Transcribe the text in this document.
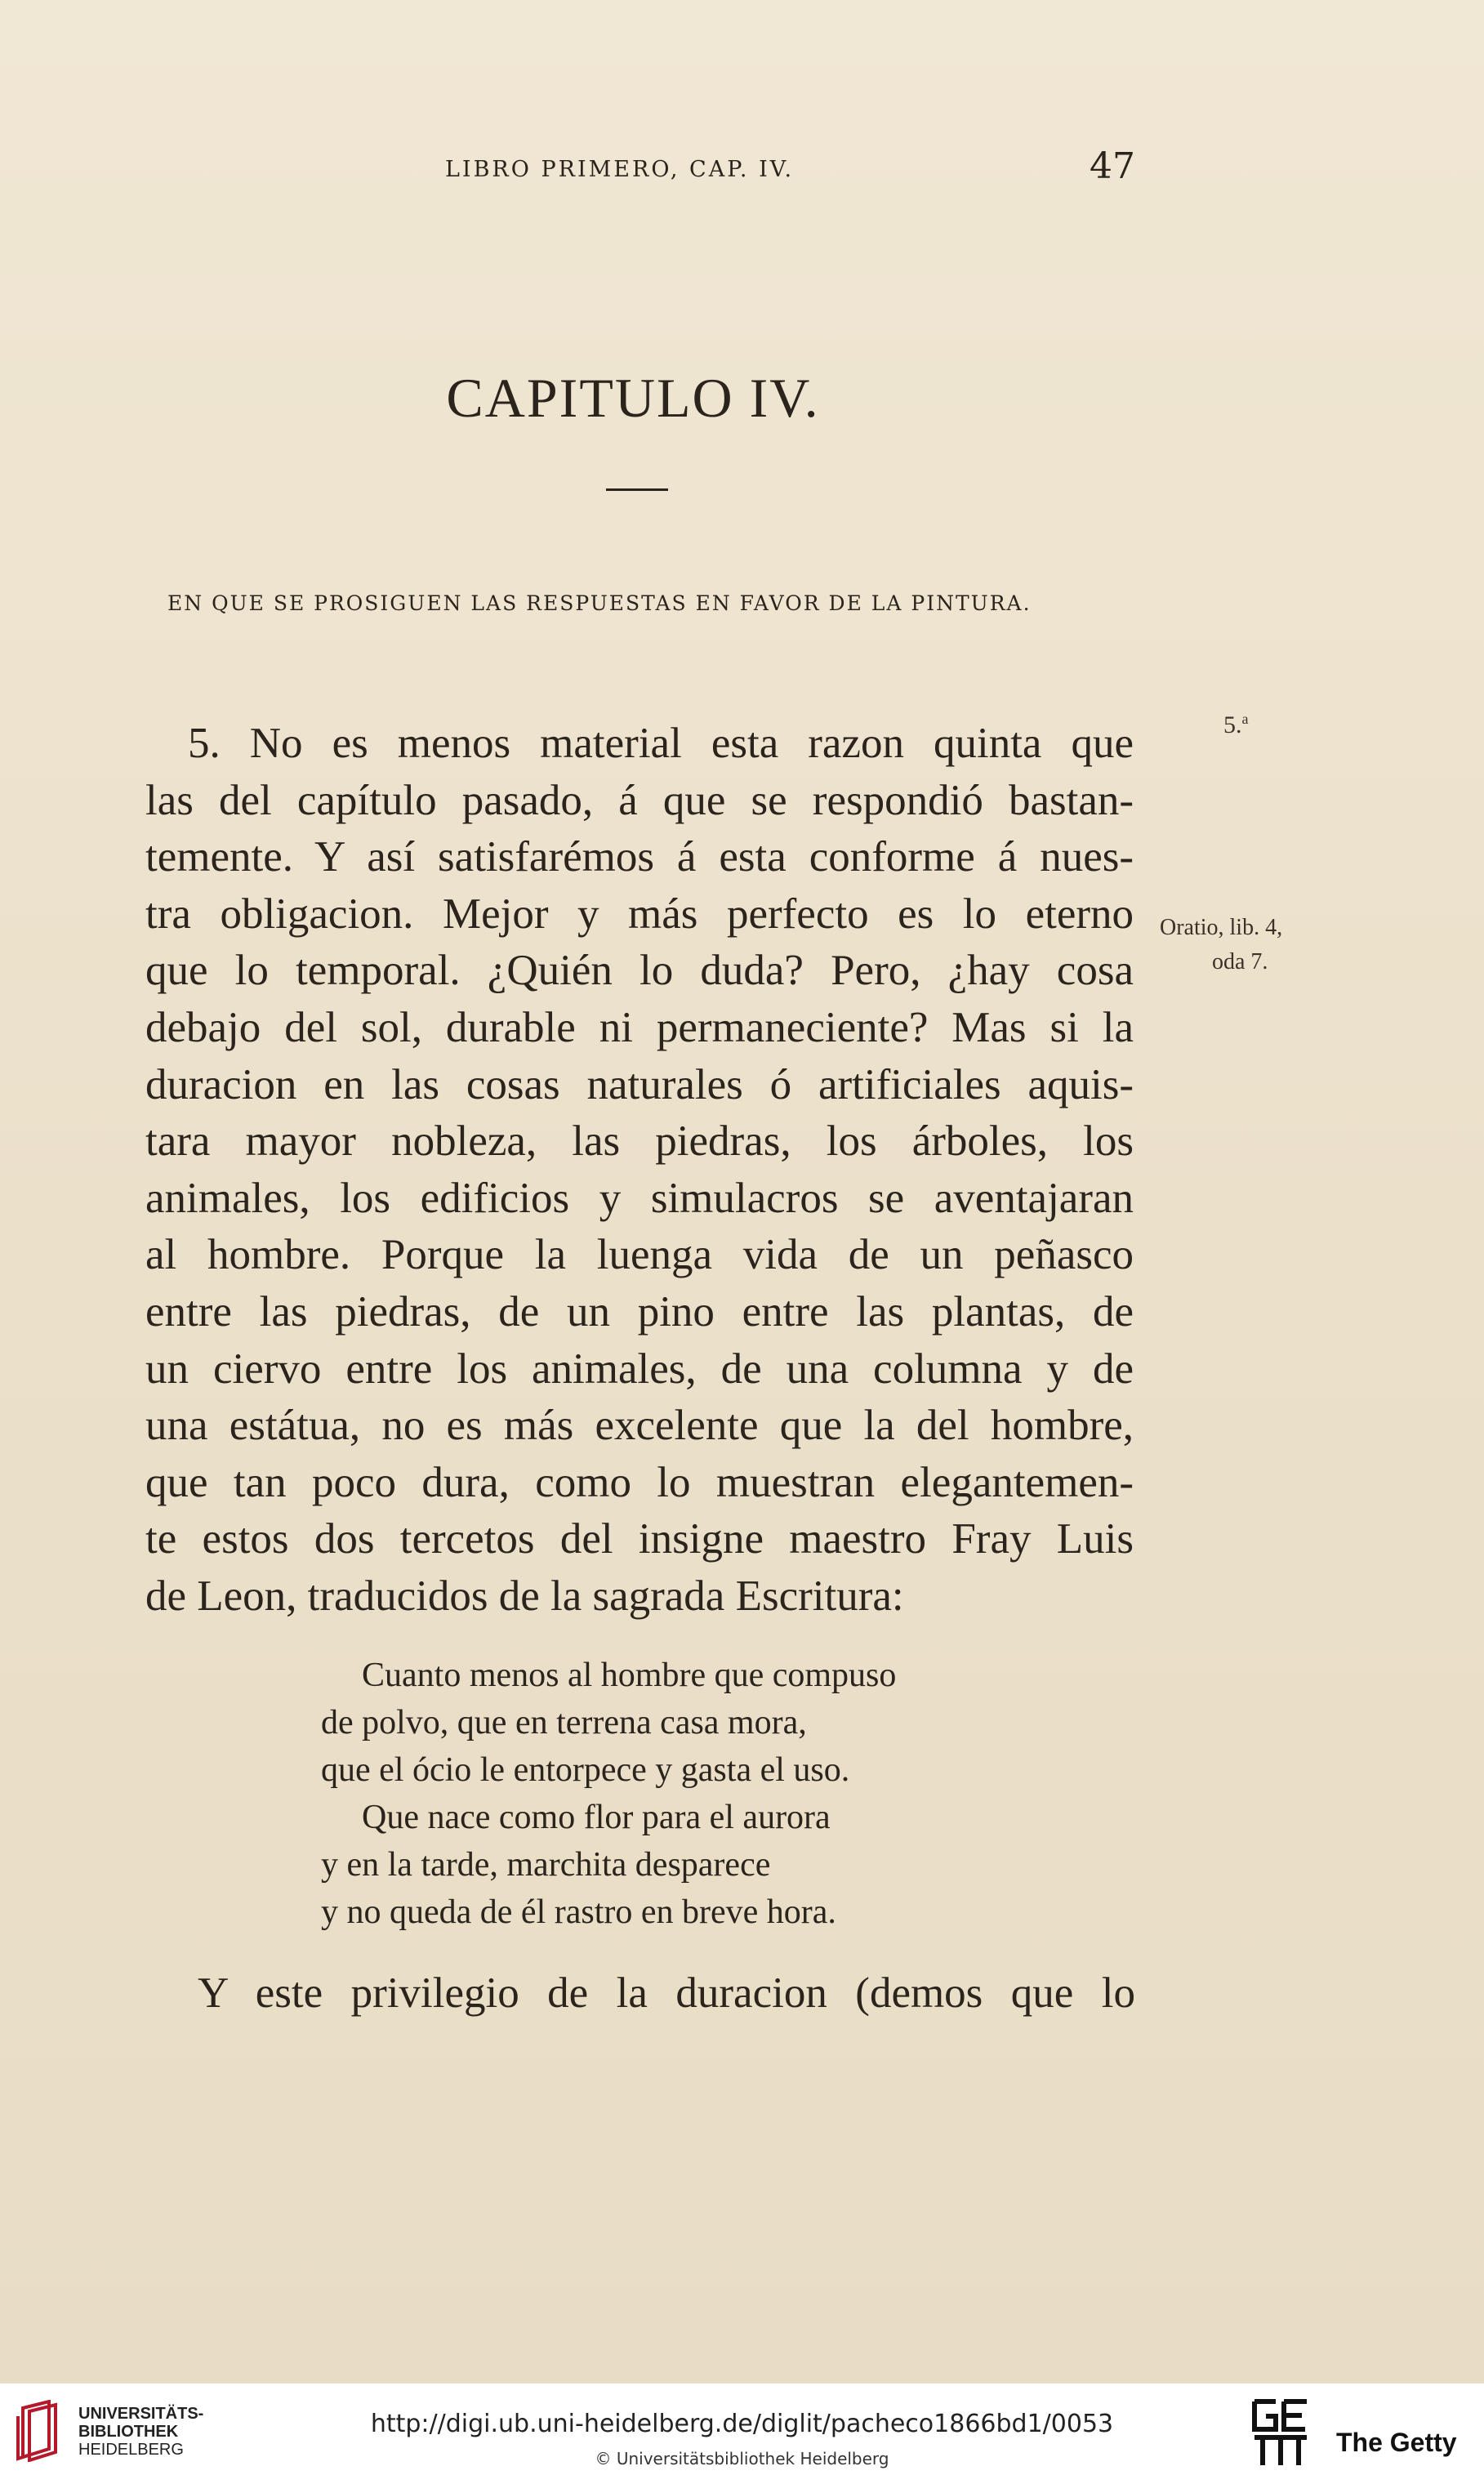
LIBRO PRIMERO, CAP. IV.	47
CAPITULO IV.
EN QUE SE PROSIGUEN LAS RESPUESTAS EN FAVOR DE LA PINTURA.
5. No es menos material esta razon quinta que
las del capítulo pasado, á que se respondió bastan-
temente. Y así satisfarémos á esta conforme á nues-
tra obligacion. Mejor y más perfecto es lo eterno
que lo temporal. ¿Quién lo duda? Pero, ¿hay cosa
debajo del sol, durable ni permaneciente? Mas si la
duracion en las cosas naturales ó artificiales aquis-
tara mayor nobleza, las piedras, los árboles, los
animales, los edificios y simulacros se aventajaran
al hombre. Porque la luenga vida de un peñasco
entre las piedras, de un pino entre las plantas, de
un ciervo entre los animales, de una columna y de
una estátua, no es más excelente que la del hombre,
que tan poco dura, como lo muestran elegantemen-
te estos dos tercetos del insigne maestro Fray Luis
de Leon, traducidos de la sagrada Escritura:
Cuanto menos al hombre que compuso
de polvo, que en terrena casa mora,
que el ócio le entorpece y gasta el uso.
Que nace como flor para el aurora
y en la tarde, marchita desparece
y no queda de él rastro en breve hora.
Y este privilegio de la duracion (demos que lo
5.$^a$
Oratio, lib. 4,
oda 7.
UNIVERSITÄTS-
BIBLIOTHEK
HEIDELBERG
http://digi.ub.uni-heidelberg.de/diglit/pacheco1866bd1/0053
© Universitätsbibliothek Heidelberg
The Getty
